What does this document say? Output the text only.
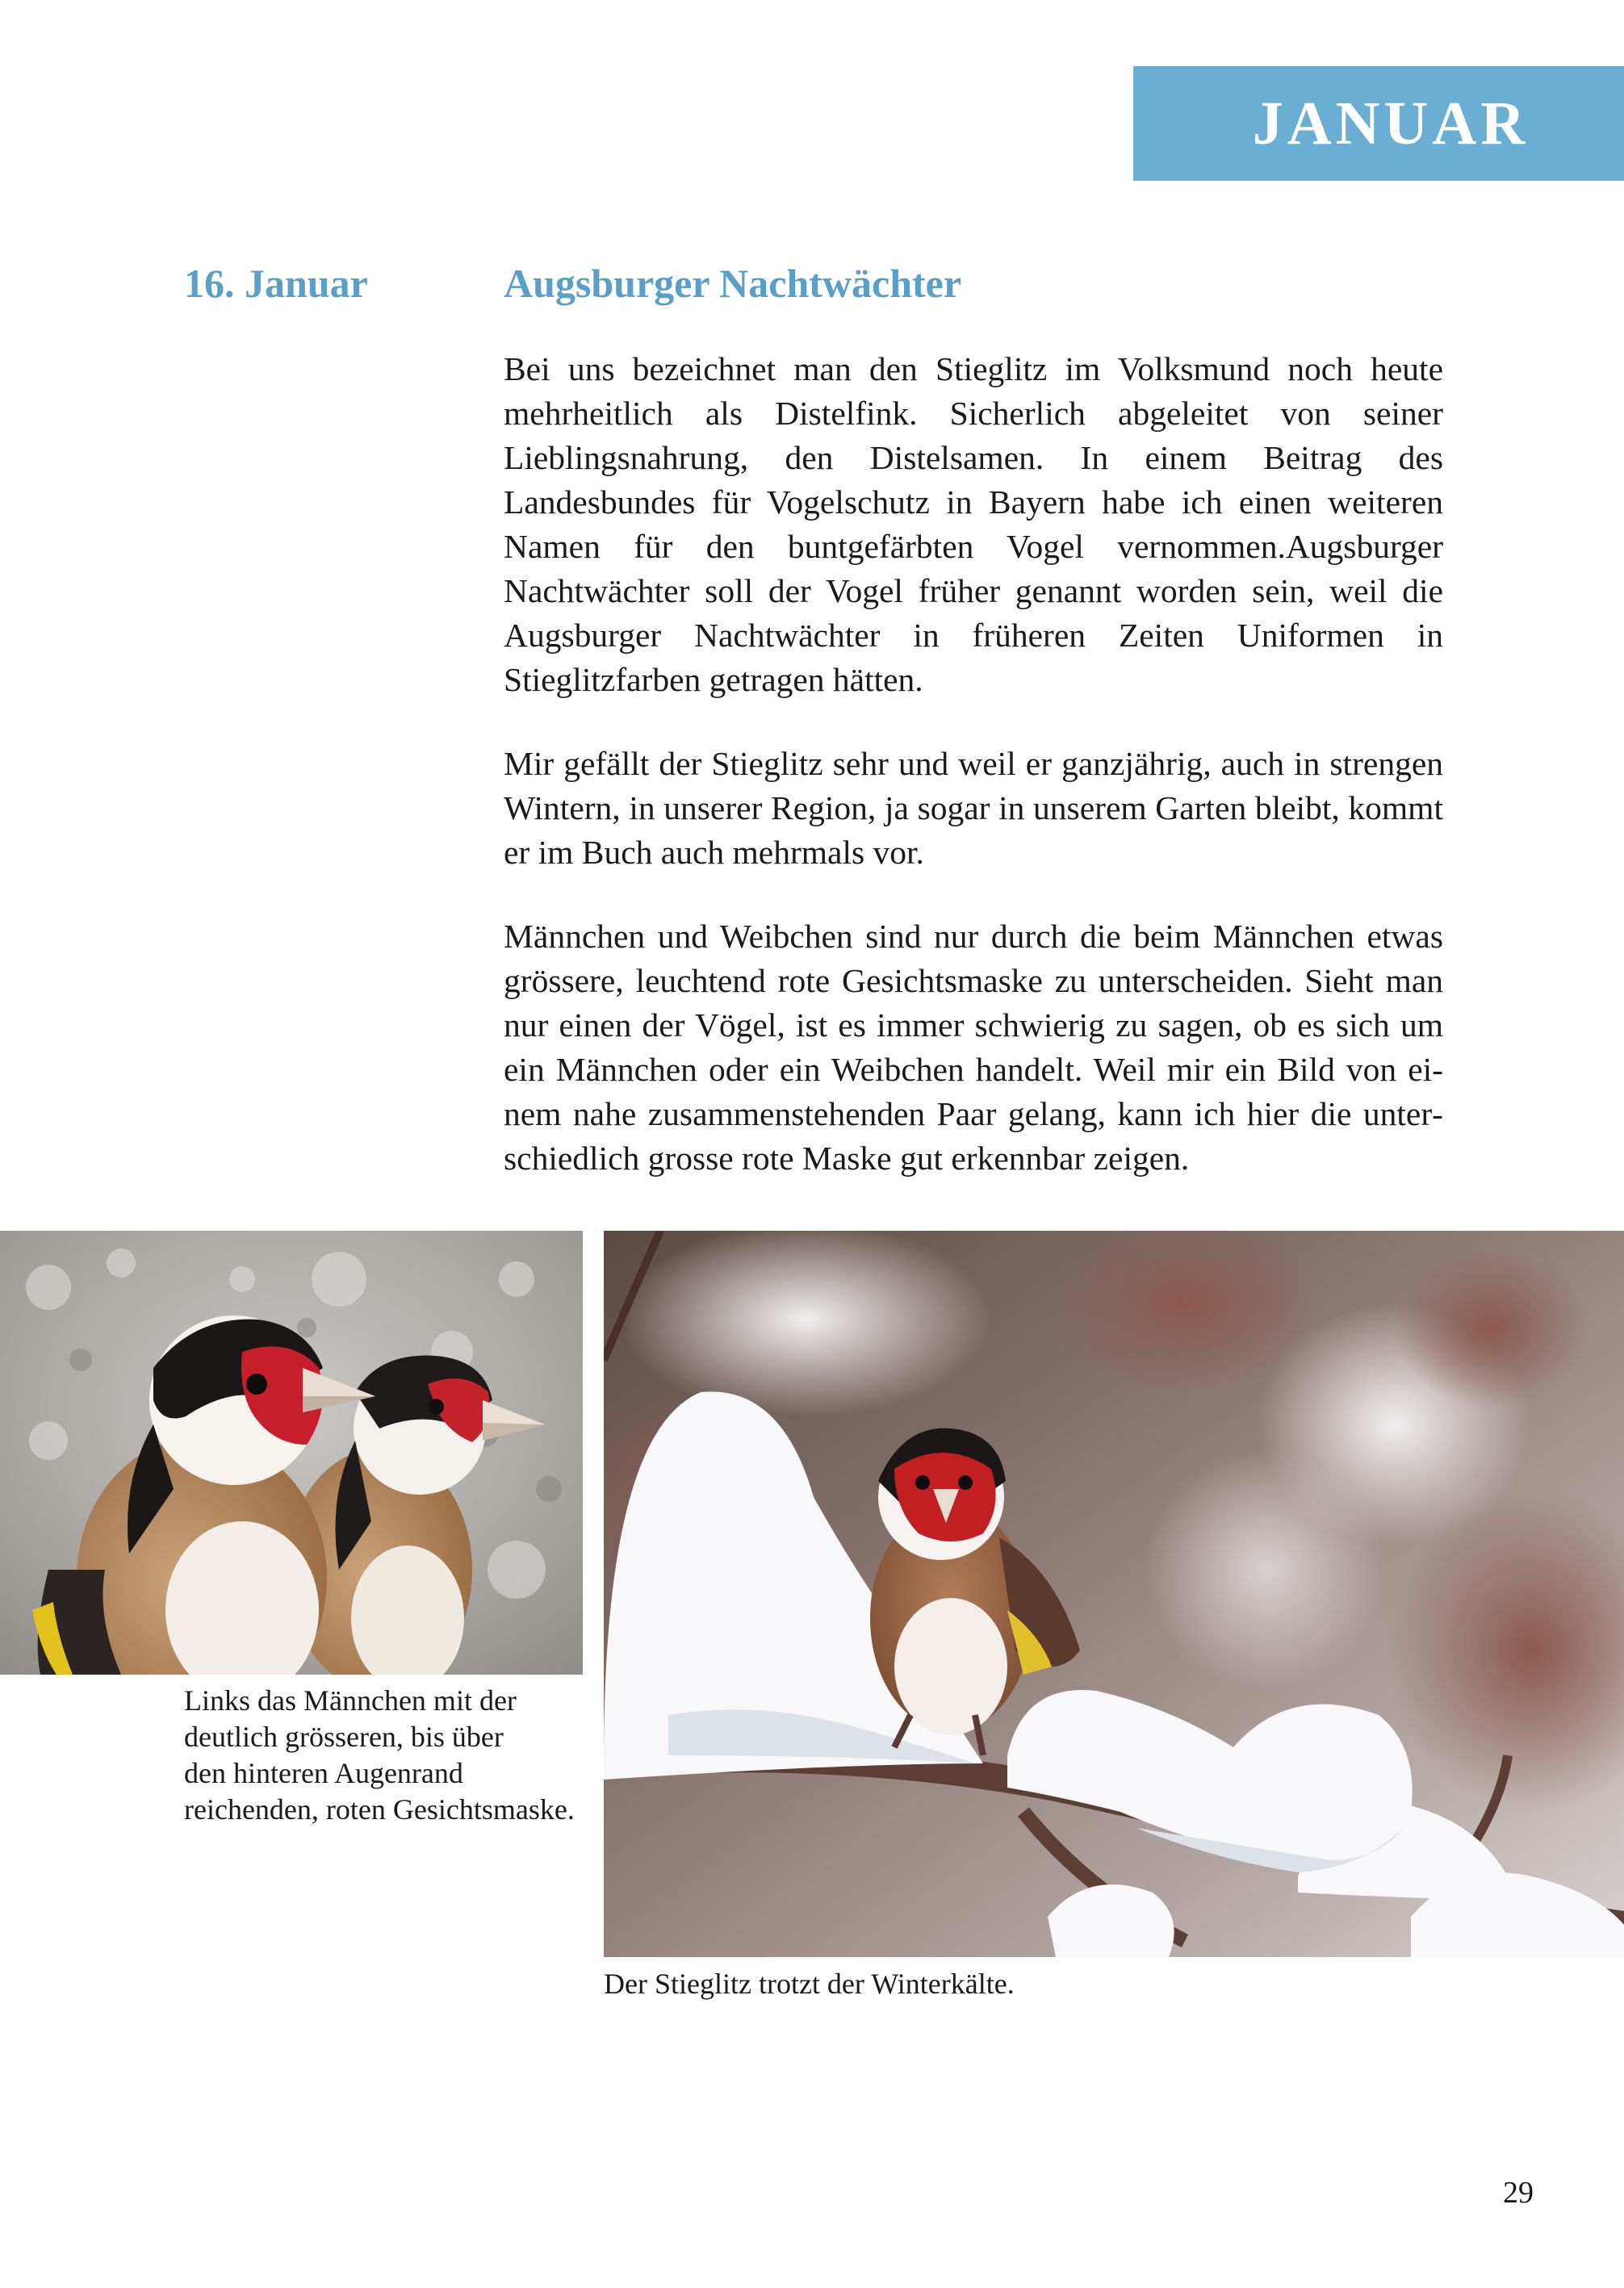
JANUAR
16. Januar	Augsburger Nachtwächter

Bei uns bezeichnet man den Stieglitz im Volksmund noch heute mehrheitlich als Distelfink. Sicherlich abgeleitet von seiner Lieblingsnahrung, den Distelsamen. In einem Beitrag des Landesbundes für Vogelschutz in Bayern habe ich einen weiteren Namen für den buntgefärbten Vogel vernommen.Augsburger Nachtwächter soll der Vogel früher genannt worden sein, weil die Augsburger Nachtwächter in früheren Zeiten Uniformen in Stieglitzfarben getragen hätten.

Mir gefällt der Stieglitz sehr und weil er ganzjährig, auch in strengen Wintern, in unserer Region, ja sogar in unserem Garten bleibt, kommt er im Buch auch mehrmals vor.

Männchen und Weibchen sind nur durch die beim Männchen etwas grössere, leuchtend rote Gesichtsmaske zu unterscheiden. Sieht man nur einen der Vögel, ist es immer schwierig zu sagen, ob es sich um ein Männchen oder ein Weibchen handelt. Weil mir ein Bild von einem nahe zusammenstehenden Paar gelang, kann ich hier die unterschiedlich grosse rote Maske gut erkennbar zeigen.

Links das Männchen mit der
deutlich grösseren, bis über
den hinteren Augenrand
reichenden, roten Gesichtsmaske.
Der Stieglitz trotzt der Winterkälte.
29
